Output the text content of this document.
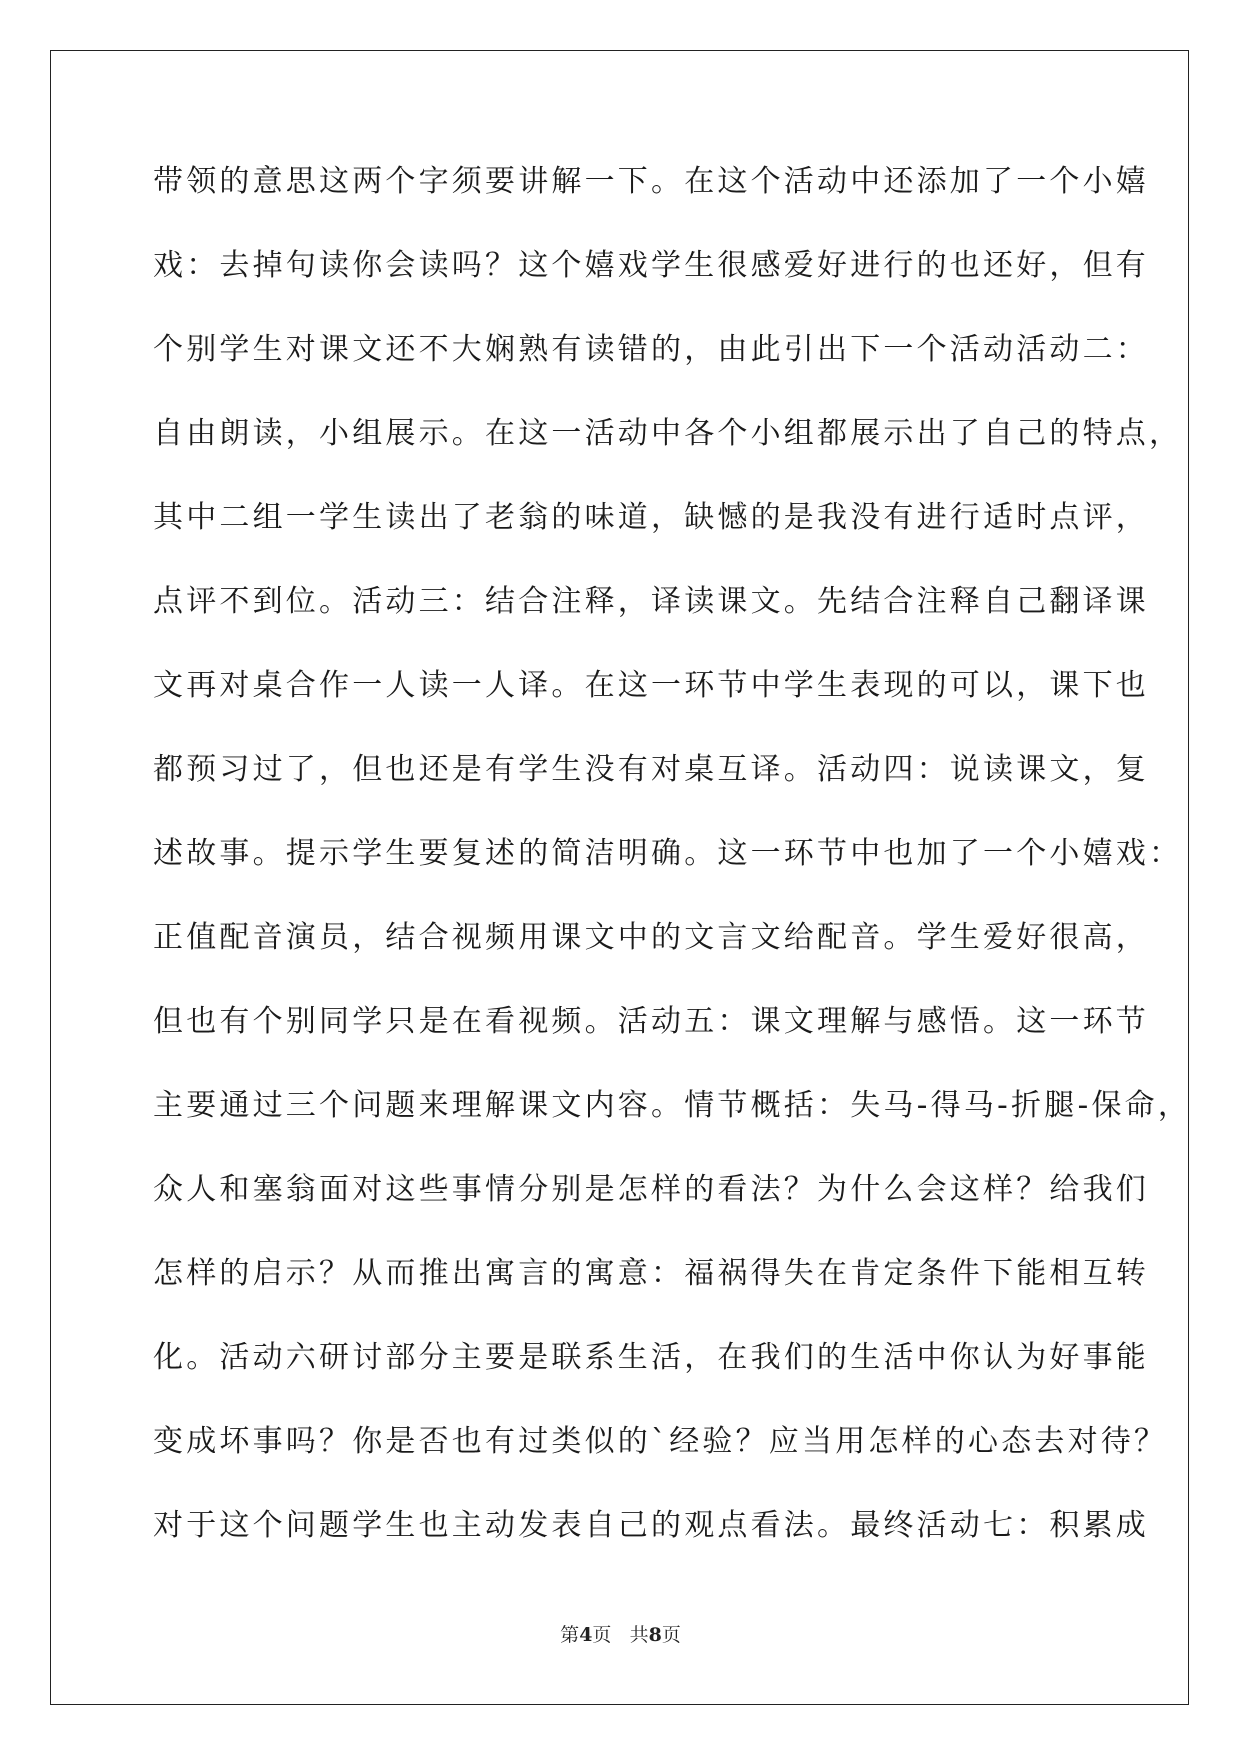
带领的意思这两个字须要讲解一下。在这个活动中还添加了一个小嬉
戏：去掉句读你会读吗？这个嬉戏学生很感爱好进行的也还好，但有
个别学生对课文还不大娴熟有读错的，由此引出下一个活动活动二：
自由朗读，小组展示。在这一活动中各个小组都展示出了自己的特点，
其中二组一学生读出了老翁的味道，缺憾的是我没有进行适时点评，
点评不到位。活动三：结合注释，译读课文。先结合注释自己翻译课
文再对桌合作一人读一人译。在这一环节中学生表现的可以，课下也
都预习过了，但也还是有学生没有对桌互译。活动四：说读课文，复
述故事。提示学生要复述的简洁明确。这一环节中也加了一个小嬉戏：
正值配音演员，结合视频用课文中的文言文给配音。学生爱好很高，
但也有个别同学只是在看视频。活动五：课文理解与感悟。这一环节
主要通过三个问题来理解课文内容。情节概括：失马-得马-折腿-保命，
众人和塞翁面对这些事情分别是怎样的看法？为什么会这样？给我们
怎样的启示？从而推出寓言的寓意：福祸得失在肯定条件下能相互转
化。活动六研讨部分主要是联系生活，在我们的生活中你认为好事能
变成坏事吗？你是否也有过类似的`经验？应当用怎样的心态去对待？
对于这个问题学生也主动发表自己的观点看法。最终活动七：积累成
第4页 共8页
